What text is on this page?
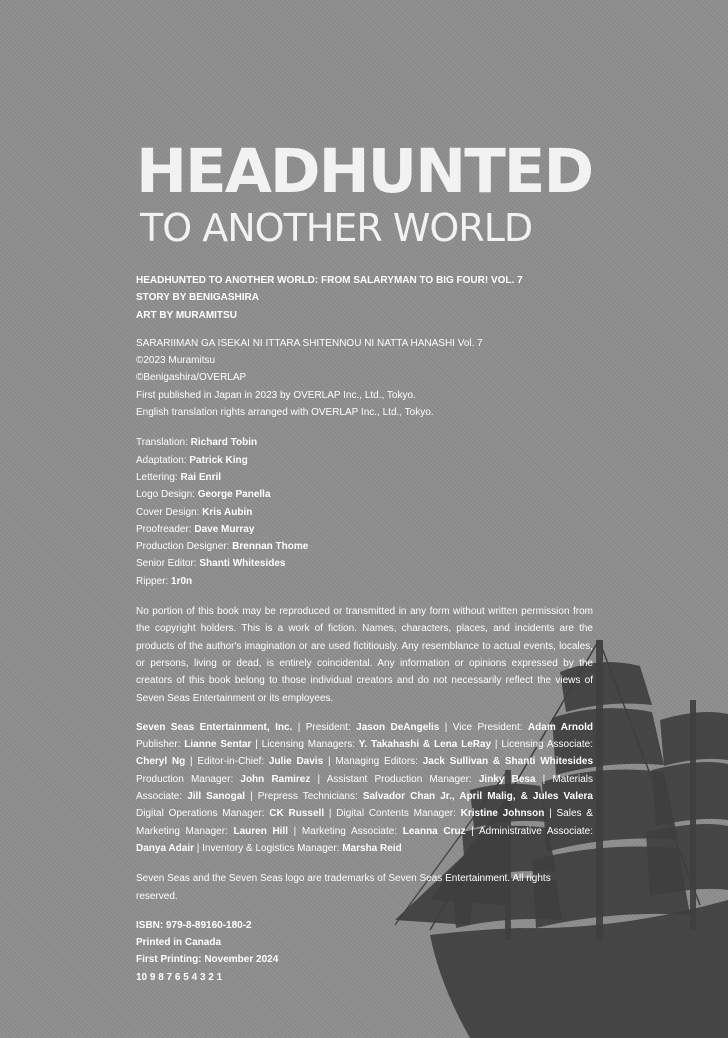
HEADHUNTED
TO ANOTHER WORLD
HEADHUNTED TO ANOTHER WORLD: FROM SALARYMAN TO BIG FOUR! VOL. 7
STORY BY BENIGASHIRA
ART BY MURAMITSU
SARARIIMAN GA ISEKAI NI ITTARA SHITENNOU NI NATTA HANASHI Vol. 7
©2023 Muramitsu
©Benigashira/OVERLAP
First published in Japan in 2023 by OVERLAP Inc., Ltd., Tokyo.
English translation rights arranged with OVERLAP Inc., Ltd., Tokyo.
Translation: Richard Tobin
Adaptation: Patrick King
Lettering: Rai Enril
Logo Design: George Panella
Cover Design: Kris Aubin
Proofreader: Dave Murray
Production Designer: Brennan Thome
Senior Editor: Shanti Whitesides
Ripper: 1r0n
No portion of this book may be reproduced or transmitted in any form without written permission from the copyright holders. This is a work of fiction. Names, characters, places, and incidents are the products of the author's imagination or are used fictitiously. Any resemblance to actual events, locales, or persons, living or dead, is entirely coincidental. Any information or opinions expressed by the creators of this book belong to those individual creators and do not necessarily reflect the views of Seven Seas Entertainment or its employees.
Seven Seas Entertainment, Inc. | President: Jason DeAngelis | Vice President: Adam Arnold Publisher: Lianne Sentar | Licensing Managers: Y. Takahashi & Lena LeRay | Licensing Associate: Cheryl Ng | Editor-in-Chief: Julie Davis | Managing Editors: Jack Sullivan & Shanti Whitesides Production Manager: John Ramirez | Assistant Production Manager: Jinky Besa | Materials Associate: Jill Sanogal | Prepress Technicians: Salvador Chan Jr., April Malig, & Jules Valera Digital Operations Manager: CK Russell | Digital Contents Manager: Kristine Johnson | Sales & Marketing Manager: Lauren Hill | Marketing Associate: Leanna Cruz | Administrative Associate: Danya Adair | Inventory & Logistics Manager: Marsha Reid
Seven Seas and the Seven Seas logo are trademarks of Seven Seas Entertainment. All rights reserved.
ISBN: 979-8-89160-180-2
Printed in Canada
First Printing: November 2024
10 9 8 7 6 5 4 3 2 1
